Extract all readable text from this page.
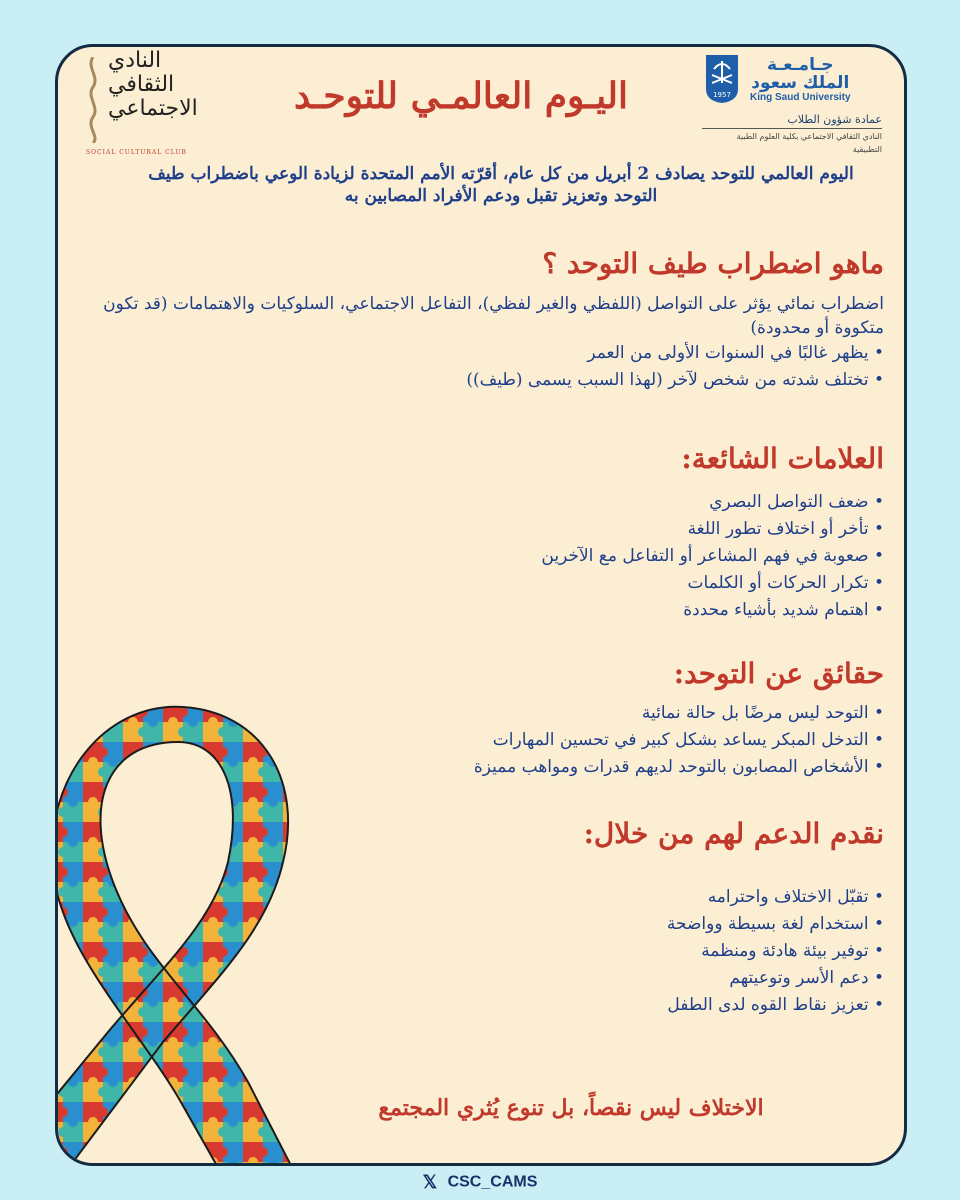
جـامـعـة
الملك سعود
King Saud University
1957
عمادة شؤون الطلاب
النادي الثقافي الاجتماعي بكلية العلوم الطبية
التطبيقية
النادي
الثقافي
الاجتماعي
SOCIAL CULTURAL CLUB
اليـوم العالمـي للتوحـد
اليوم العالمي للتوحد يصادف 2 أبريل من كل عام، أقرّته الأمم المتحدة لزيادة الوعي باضطراب طيف التوحد وتعزيز تقبل ودعم الأفراد المصابين به
ماهو اضطراب طيف التوحد ؟

اضطراب نمائي يؤثر على التواصل (اللفظي والغير لفظي)، التفاعل الاجتماعي، السلوكيات والاهتمامات (قد تكون متكووة أو محدودة)

• يظهر غالبًا في السنوات الأولى من العمر
• تختلف شدته من شخص لآخر (لهذا السبب يسمى (طيف))
العلامات الشائعة:
• ضعف التواصل البصري
• تأخر أو اختلاف تطور اللغة
• صعوبة في فهم المشاعر أو التفاعل مع الآخرين
• تكرار الحركات أو الكلمات
• اهتمام شديد بأشياء محددة
حقائق عن التوحد:
• التوحد ليس مرضًا بل حالة نمائية
• التدخل المبكر يساعد بشكل كبير في تحسين المهارات
• الأشخاص المصابون بالتوحد لديهم قدرات ومواهب مميزة
نقدم الدعم لهم من خلال:
• تقبّل الاختلاف واحترامه
• استخدام لغة بسيطة وواضحة
• توفير بيئة هادئة ومنظمة
• دعم الأسر وتوعيتهم
• تعزيز نقاط القوه لدى الطفل
الاختلاف ليس نقصاً، بل تنوع يُثري المجتمع
𝕏 CSC_CAMS
